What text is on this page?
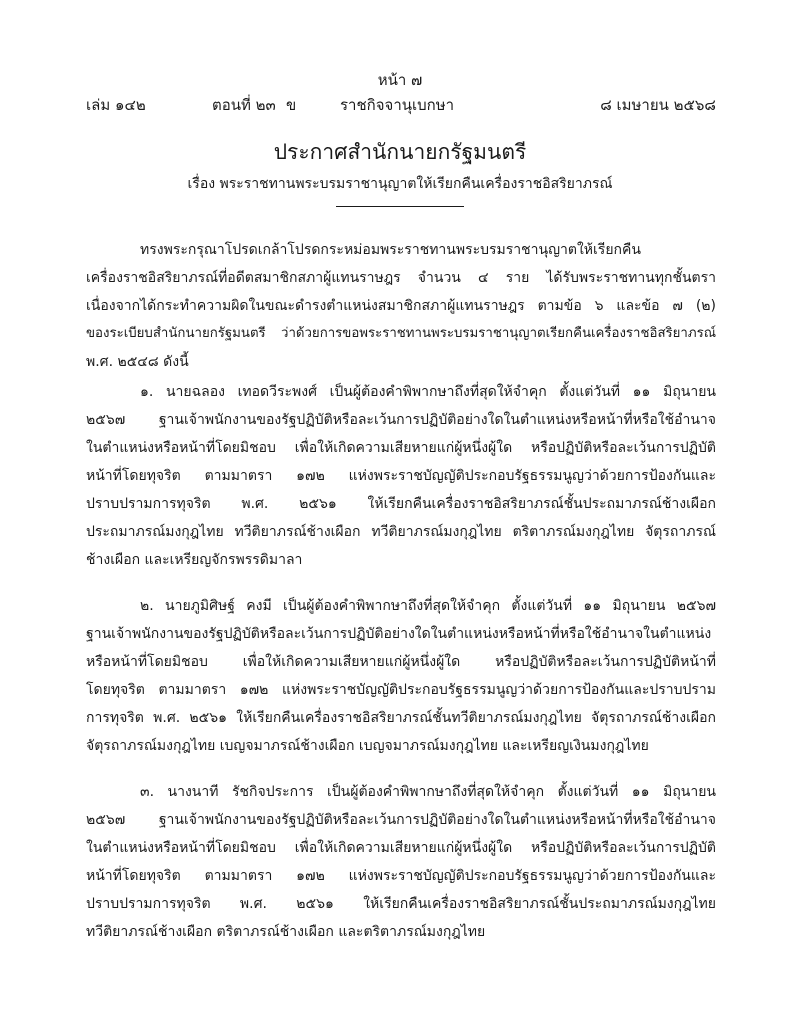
หน้า ๗
เล่ม ๑๔๒	ตอนที่ ๒๓ ข	ราชกิจจานุเบกษา	๘ เมษายน ๒๕๖๘
ประกาศสำนักนายกรัฐมนตรี
เรื่อง พระราชทานพระบรมราชานุญาตให้เรียกคืนเครื่องราชอิสริยาภรณ์
ทรงพระกรุณาโปรดเกล้าโปรดกระหม่อมพระราชทานพระบรมราชานุญาตให้เรียกคืน
เครื่องราชอิสริยาภรณ์ที่อดีตสมาชิกสภาผู้แทนราษฎร จำนวน ๔ ราย ได้รับพระราชทานทุกชั้นตรา
เนื่องจากได้กระทำความผิดในขณะดำรงตำแหน่งสมาชิกสภาผู้แทนราษฎร ตามข้อ ๖ และข้อ ๗ (๒)
ของระเบียบสำนักนายกรัฐมนตรี ว่าด้วยการขอพระราชทานพระบรมราชานุญาตเรียกคืนเครื่องราชอิสริยาภรณ์
พ.ศ. ๒๕๔๘ ดังนี้
๑. นายฉลอง เทอดวีระพงศ์ เป็นผู้ต้องคำพิพากษาถึงที่สุดให้จำคุก ตั้งแต่วันที่ ๑๑ มิถุนายน
๒๕๖๗ ฐานเจ้าพนักงานของรัฐปฏิบัติหรือละเว้นการปฏิบัติอย่างใดในตำแหน่งหรือหน้าที่หรือใช้อำนาจ
ในตำแหน่งหรือหน้าที่โดยมิชอบ เพื่อให้เกิดความเสียหายแก่ผู้หนึ่งผู้ใด หรือปฏิบัติหรือละเว้นการปฏิบัติ
หน้าที่โดยทุจริต ตามมาตรา ๑๗๒ แห่งพระราชบัญญัติประกอบรัฐธรรมนูญว่าด้วยการป้องกันและ
ปราบปรามการทุจริต พ.ศ. ๒๕๖๑ ให้เรียกคืนเครื่องราชอิสริยาภรณ์ชั้นประถมาภรณ์ช้างเผือก
ประถมาภรณ์มงกุฎไทย ทวีติยาภรณ์ช้างเผือก ทวีติยาภรณ์มงกุฎไทย ตริตาภรณ์มงกุฎไทย จัตุรถาภรณ์
ช้างเผือก และเหรียญจักรพรรดิมาลา
๒. นายภูมิศิษฐ์ คงมี เป็นผู้ต้องคำพิพากษาถึงที่สุดให้จำคุก ตั้งแต่วันที่ ๑๑ มิถุนายน ๒๕๖๗
ฐานเจ้าพนักงานของรัฐปฏิบัติหรือละเว้นการปฏิบัติอย่างใดในตำแหน่งหรือหน้าที่หรือใช้อำนาจในตำแหน่ง
หรือหน้าที่โดยมิชอบ เพื่อให้เกิดความเสียหายแก่ผู้หนึ่งผู้ใด หรือปฏิบัติหรือละเว้นการปฏิบัติหน้าที่
โดยทุจริต ตามมาตรา ๑๗๒ แห่งพระราชบัญญัติประกอบรัฐธรรมนูญว่าด้วยการป้องกันและปราบปราม
การทุจริต พ.ศ. ๒๕๖๑ ให้เรียกคืนเครื่องราชอิสริยาภรณ์ชั้นทวีติยาภรณ์มงกุฎไทย จัตุรถาภรณ์ช้างเผือก
จัตุรถาภรณ์มงกุฎไทย เบญจมาภรณ์ช้างเผือก เบญจมาภรณ์มงกุฎไทย และเหรียญเงินมงกุฎไทย
๓. นางนาที รัชกิจประการ เป็นผู้ต้องคำพิพากษาถึงที่สุดให้จำคุก ตั้งแต่วันที่ ๑๑ มิถุนายน
๒๕๖๗ ฐานเจ้าพนักงานของรัฐปฏิบัติหรือละเว้นการปฏิบัติอย่างใดในตำแหน่งหรือหน้าที่หรือใช้อำนาจ
ในตำแหน่งหรือหน้าที่โดยมิชอบ เพื่อให้เกิดความเสียหายแก่ผู้หนึ่งผู้ใด หรือปฏิบัติหรือละเว้นการปฏิบัติ
หน้าที่โดยทุจริต ตามมาตรา ๑๗๒ แห่งพระราชบัญญัติประกอบรัฐธรรมนูญว่าด้วยการป้องกันและ
ปราบปรามการทุจริต พ.ศ. ๒๕๖๑ ให้เรียกคืนเครื่องราชอิสริยาภรณ์ชั้นประถมาภรณ์มงกุฎไทย
ทวีติยาภรณ์ช้างเผือก ตริตาภรณ์ช้างเผือก และตริตาภรณ์มงกุฎไทย
